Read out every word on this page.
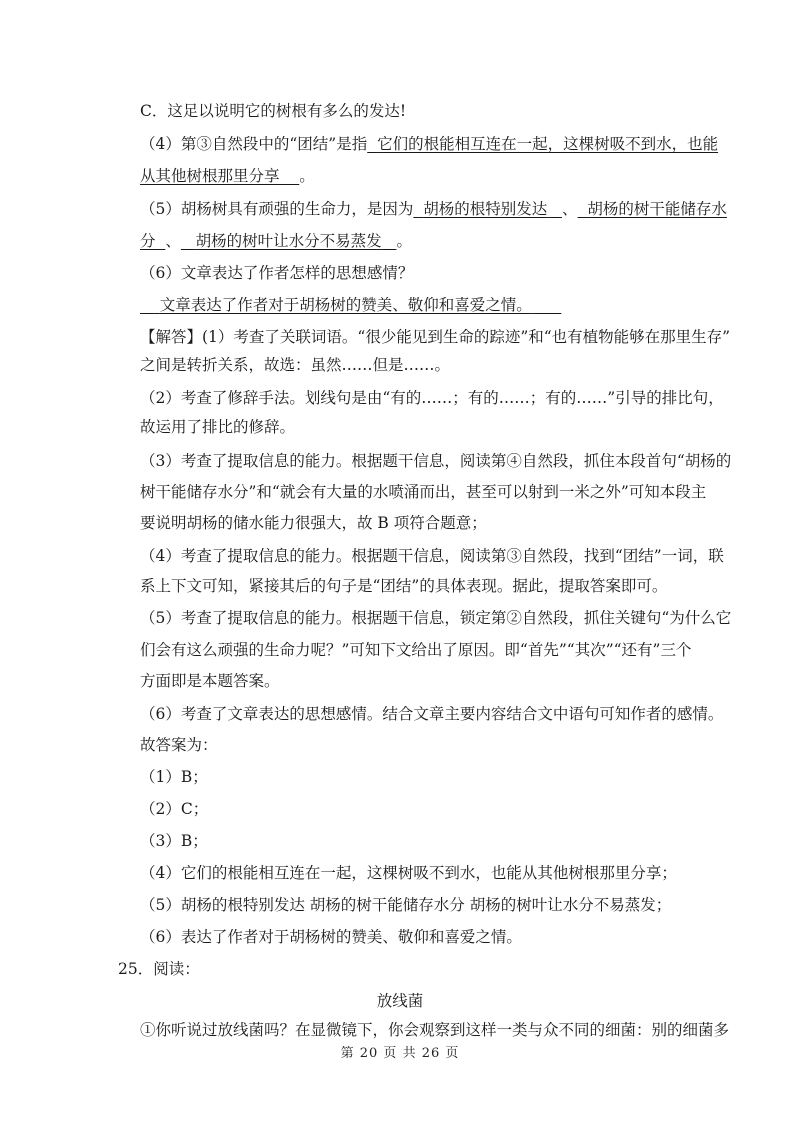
C．这足以说明它的树根有多么的发达!
（4）第③自然段中的“团结”是指 它们的根能相互连在一起，这棵树吸不到水，也能
从其他树根那里分享 。
（5）胡杨树具有顽强的生命力，是因为 胡杨的根特别发达 、 胡杨的树干能储存水
分 、 胡杨的树叶让水分不易蒸发 。
（6）文章表达了作者怎样的思想感情？
文章表达了作者对于胡杨树的赞美、敬仰和喜爱之情。
【解答】(1）考查了关联词语。“很少能见到生命的踪迹”和“也有植物能够在那里生存”
之间是转折关系，故选：虽然……但是……。
（2）考查了修辞手法。划线句是由“有的……；有的……；有的……”引导的排比句，
故运用了排比的修辞。
（3）考查了提取信息的能力。根据题干信息，阅读第④自然段，抓住本段首句“胡杨的
树干能储存水分”和“就会有大量的水喷涌而出，甚至可以射到一米之外”可知本段主
要说明胡杨的储水能力很强大，故 B 项符合题意；
（4）考查了提取信息的能力。根据题干信息，阅读第③自然段，找到“团结”一词，联
系上下文可知，紧接其后的句子是“团结”的具体表现。据此，提取答案即可。
（5）考查了提取信息的能力。根据题干信息，锁定第②自然段，抓住关键句“为什么它
们会有这么顽强的生命力呢？”可知下文给出了原因。即“首先”“其次”“还有”三个
方面即是本题答案。
（6）考查了文章表达的思想感情。结合文章主要内容结合文中语句可知作者的感情。
故答案为：
（1）B；
（2）C；
（3）B；
（4）它们的根能相互连在一起，这棵树吸不到水，也能从其他树根那里分享；
（5）胡杨的根特别发达 胡杨的树干能储存水分 胡杨的树叶让水分不易蒸发；
（6）表达了作者对于胡杨树的赞美、敬仰和喜爱之情。
25．阅读：
放线菌
①你听说过放线菌吗？在显微镜下，你会观察到这样一类与众不同的细菌：别的细菌多
第 20 页 共 26 页
